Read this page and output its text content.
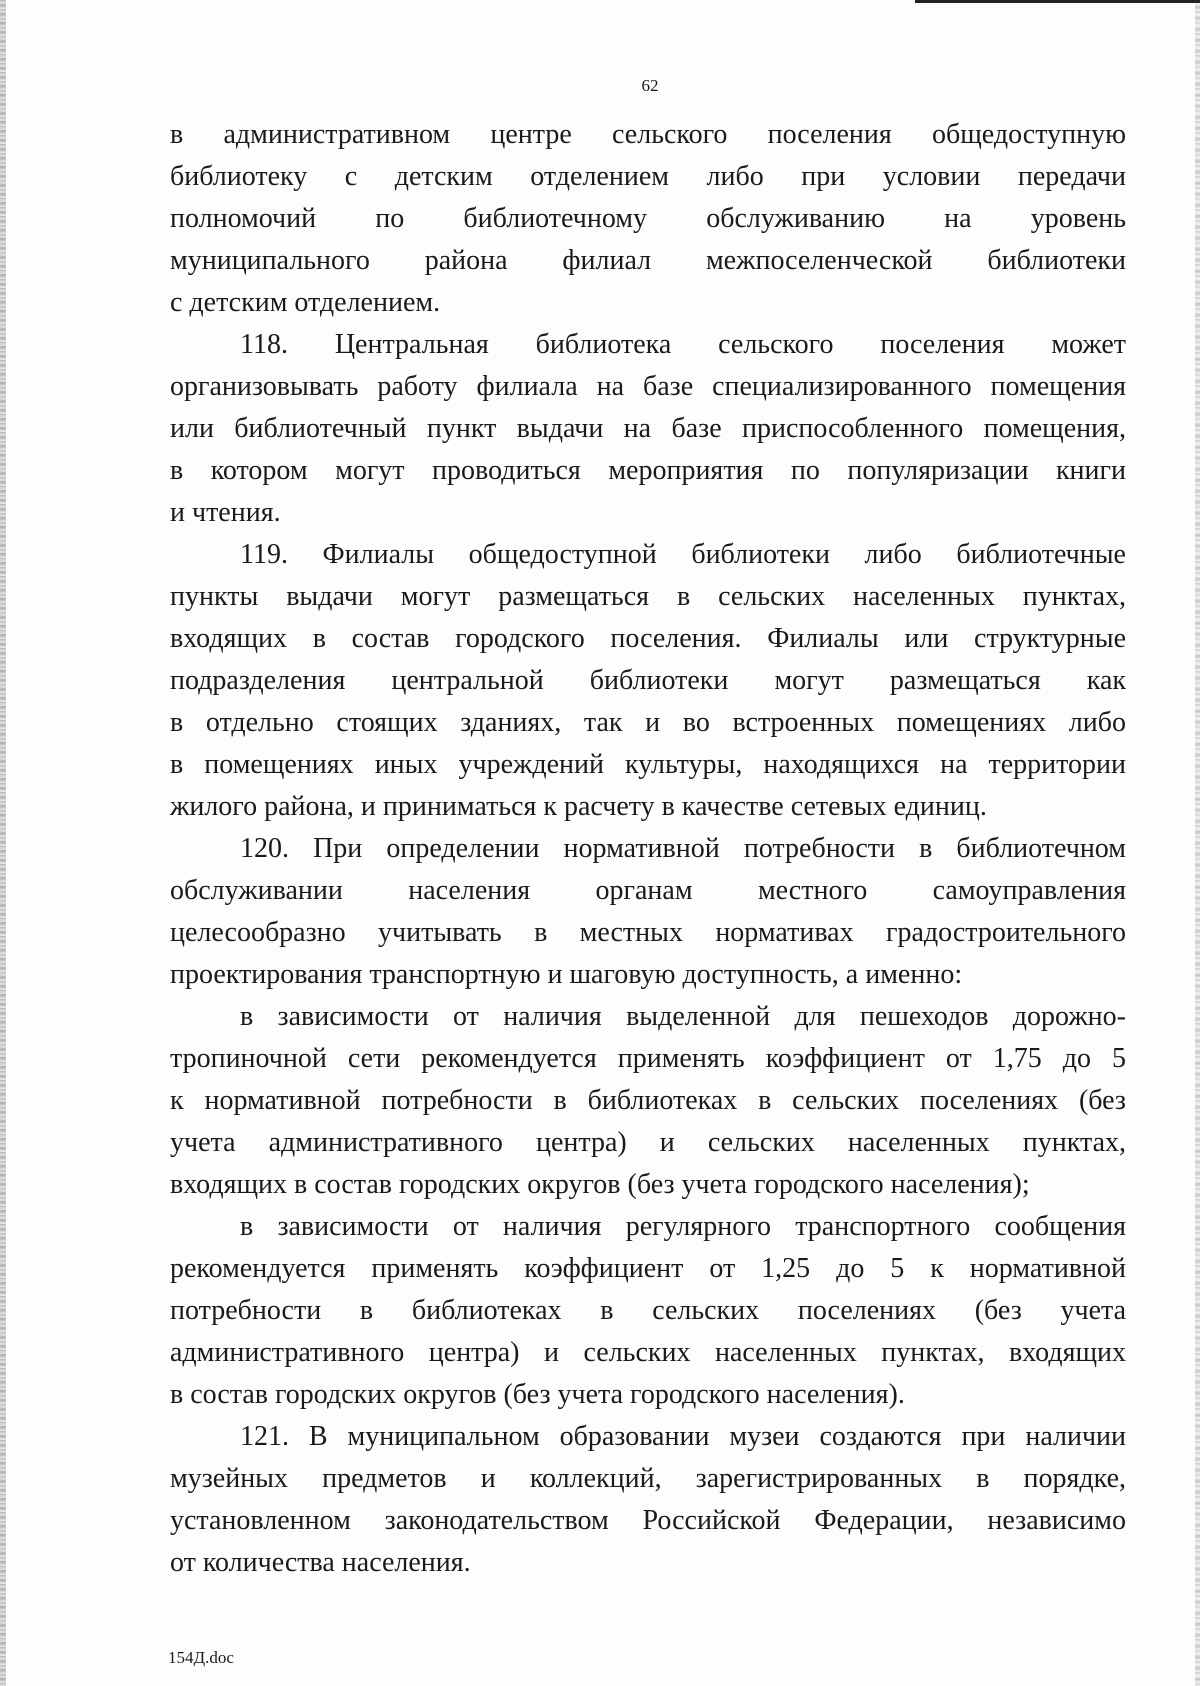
62
в административном центре сельского поселения общедоступную
библиотеку с детским отделением либо при условии передачи
полномочий по библиотечному обслуживанию на уровень
муниципального района филиал межпоселенческой библиотеки
с детским отделением.
118. Центральная библиотека сельского поселения может
организовывать работу филиала на базе специализированного помещения
или библиотечный пункт выдачи на базе приспособленного помещения,
в котором могут проводиться мероприятия по популяризации книги
и чтения.
119. Филиалы общедоступной библиотеки либо библиотечные
пункты выдачи могут размещаться в сельских населенных пунктах,
входящих в состав городского поселения. Филиалы или структурные
подразделения центральной библиотеки могут размещаться как
в отдельно стоящих зданиях, так и во встроенных помещениях либо
в помещениях иных учреждений культуры, находящихся на территории
жилого района, и приниматься к расчету в качестве сетевых единиц.
120. При определении нормативной потребности в библиотечном
обслуживании населения органам местного самоуправления
целесообразно учитывать в местных нормативах градостроительного
проектирования транспортную и шаговую доступность, а именно:
в зависимости от наличия выделенной для пешеходов дорожно-
тропиночной сети рекомендуется применять коэффициент от 1,75 до 5
к нормативной потребности в библиотеках в сельских поселениях (без
учета административного центра) и сельских населенных пунктах,
входящих в состав городских округов (без учета городского населения);
в зависимости от наличия регулярного транспортного сообщения
рекомендуется применять коэффициент от 1,25 до 5 к нормативной
потребности в библиотеках в сельских поселениях (без учета
административного центра) и сельских населенных пунктах, входящих
в состав городских округов (без учета городского населения).
121. В муниципальном образовании музеи создаются при наличии
музейных предметов и коллекций, зарегистрированных в порядке,
установленном законодательством Российской Федерации, независимо
от количества населения.
154Д.doc
